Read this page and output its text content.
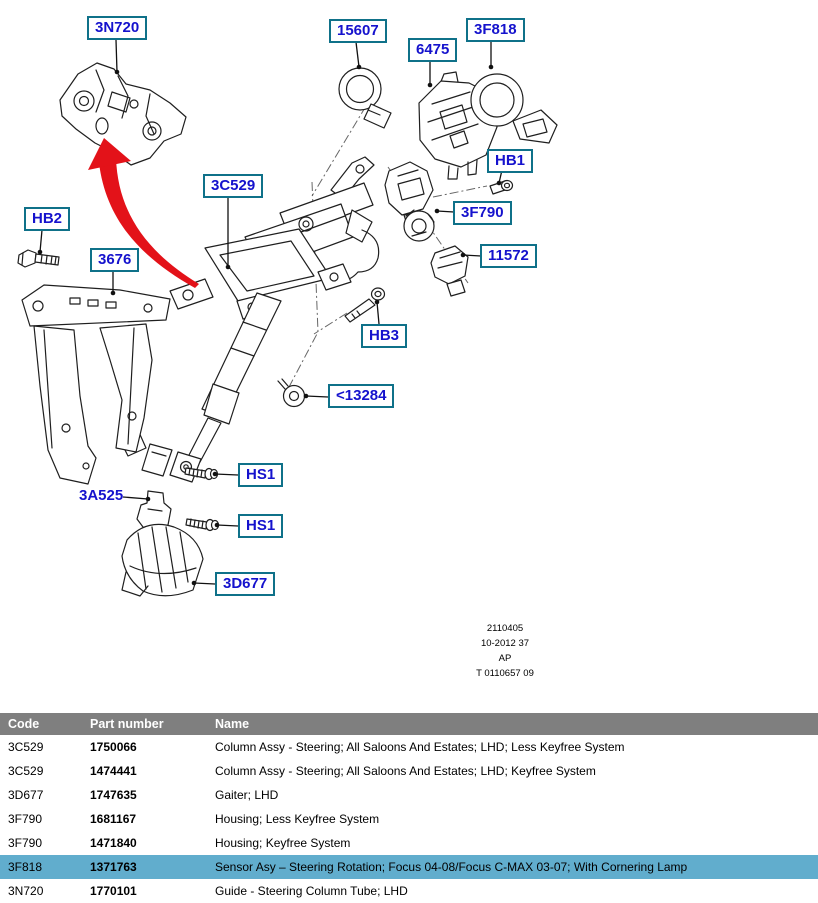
3N720	15607
6475
3F818
HB1
3C529
3F790
11572
HB2
3676
HB3
<13284
HS1
HS1
3D677
3A525
2110405
10-2012 37
AP
T 0110657 09
Code	Part number	Name
3C529	1750066	Column Assy - Steering; All Saloons And Estates; LHD; Less Keyfree System
3C529	1474441	Column Assy - Steering; All Saloons And Estates; LHD; Keyfree System
3D677	1747635	Gaiter; LHD
3F790	1681167	Housing; Less Keyfree System
3F790	1471840	Housing; Keyfree System
3F818	1371763	Sensor Asy – Steering Rotation; Focus 04-08/Focus C-MAX 03-07; With Cornering Lamp
3N720	1770101	Guide - Steering Column Tube; LHD
